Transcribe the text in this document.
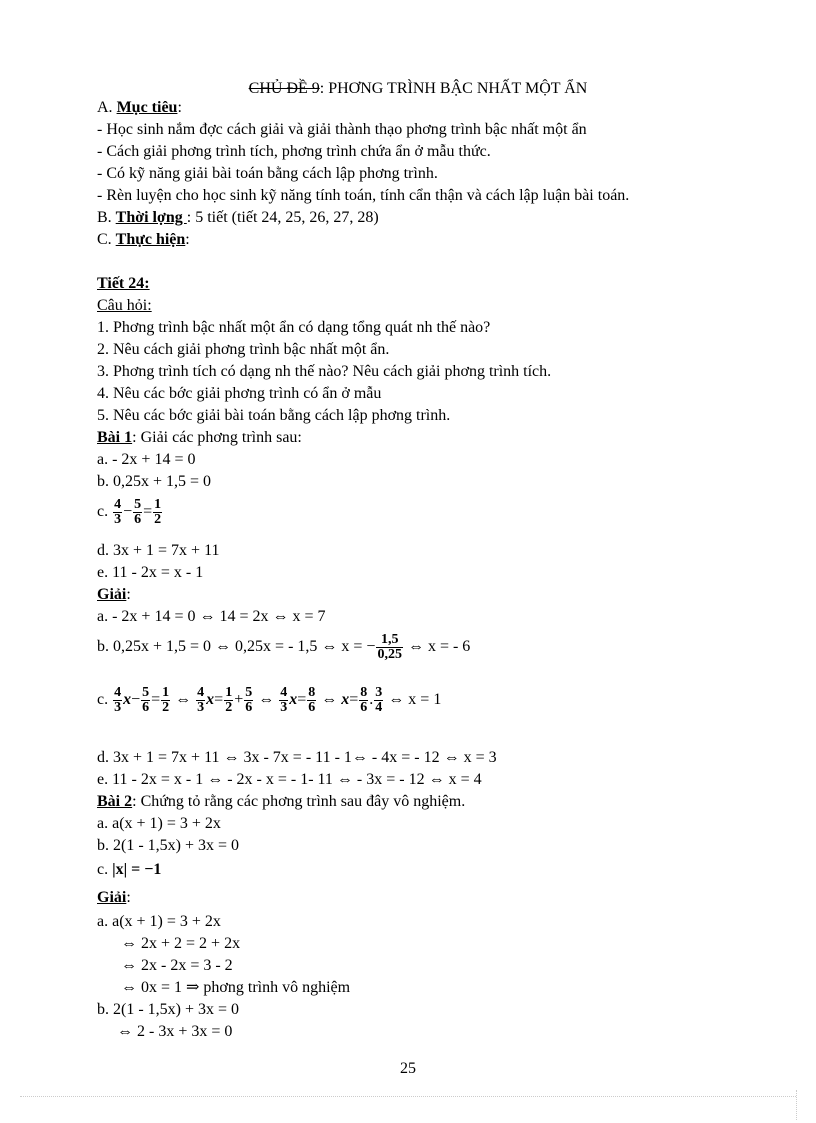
CHỦ ĐỀ 9: PHƠNG TRÌNH BẬC NHẤT MỘT ẨN
A. Mục tiêu:
- Học sinh nắm đợc cách giải và giải thành thạo phơng trình bậc nhất một ẩn
- Cách giải phơng trình tích, phơng trình chứa ẩn ở mẫu thức.
- Có kỹ năng giải bài toán bằng cách lập phơng trình.
- Rèn luyện cho học sinh kỹ năng tính toán, tính cẩn thận và cách lập luận bài toán.
B. Thời lợng : 5 tiết (tiết 24, 25, 26, 27, 28)
C. Thực hiện:
Tiết 24:
Câu hỏi:
1. Phơng trình bậc nhất một ẩn có dạng tổng quát nh thế nào?
2. Nêu cách giải phơng trình bậc nhất một ẩn.
3. Phơng trình tích có dạng nh thế nào? Nêu cách giải phơng trình tích.
4. Nêu các bớc giải phơng trình có ẩn ở mẫu
5. Nêu các bớc giải bài toán bằng cách lập phơng trình.
Bài 1: Giải các phơng trình sau:
a. - 2x + 14 = 0
b. 0,25x + 1,5 = 0
c. $\frac{4}{3} - \frac{5}{6} = \frac{1}{2}$
d. 3x + 1 = 7x + 11
e. 11 - 2x = x - 1
Giải:
a. - 2x + 14 = 0 ⇔ 14 = 2x ⇔ x = 7
b. 0,25x + 1,5 = 0 ⇔ 0,25x = - 1,5 ⇔ x = − $\frac{1,5}{0,25}$ ⇔ x = - 6
c. $\frac{4}{3} x- \frac{5}{6} = \frac{1}{2}$ ⇔ $\frac{4}{3} x= \frac{1}{2} + \frac{5}{6}$ ⇔ $\frac{4}{3} x= \frac{8}{6}$ ⇔ $x= \frac{8}{6}$ . $\frac{3}{4}$ ⇔ x = 1
d. 3x + 1 = 7x + 11 ⇔ 3x - 7x = - 11 - 1⇔ - 4x = - 12 ⇔ x = 3
e. 11 - 2x = x - 1 ⇔ - 2x - x = - 1- 11 ⇔ - 3x = - 12 ⇔ x = 4
Bài 2: Chứng tỏ rằng các phơng trình sau đây vô nghiệm.
a. a(x + 1) = 3 + 2x
b. 2(1 - 1,5x) + 3x = 0
c. |x| = −1
Giải:
a. a(x + 1) = 3 + 2x
⇔ 2x + 2 = 2 + 2x
⇔ 2x - 2x = 3 - 2
⇔ 0x = 1 ⇒ phơng trình vô nghiệm
b. 2(1 - 1,5x) + 3x = 0
⇔ 2 - 3x + 3x = 0
25
